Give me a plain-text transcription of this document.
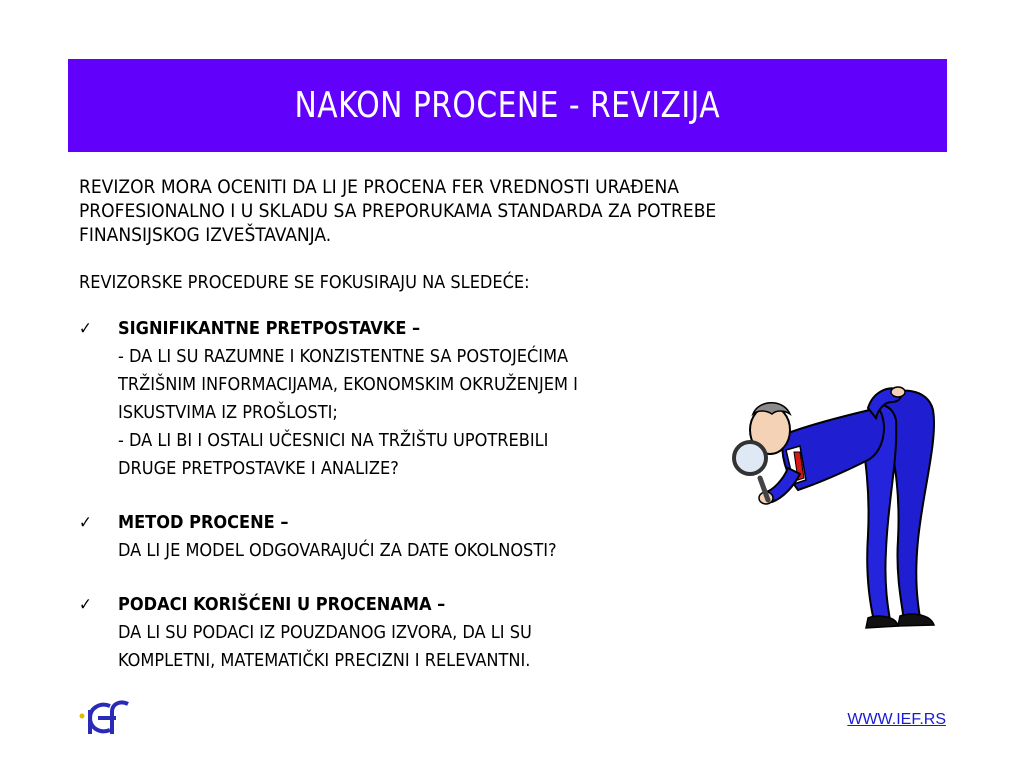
NAKON PROCENE - REVIZIJA

REVIZOR MORA OCENITI DA LI JE PROCENA FER VREDNOSTI URAĐENA

PROFESIONALNO I U SKLADU SA PREPORUKAMA STANDARDA ZA POTREBE

FINANSIJSKOG IZVEŠTAVANJA.

REVIZORSKE PROCEDURE SE FOKUSIRAJU NA SLEDEĆE:
✓ SIGNIFIKANTNE PRETPOSTAVKE –
- DA LI SU RAZUMNE I KONZISTENTNE SA POSTOJEĆIMA
TRŽIŠNIM INFORMACIJAMA, EKONOMSKIM OKRUŽENJEM I
ISKUSTVIMA IZ PROŠLOSTI;
- DA LI BI I OSTALI UČESNICI NA TRŽIŠTU UPOTREBILI
DRUGE PRETPOSTAVKE I ANALIZE?
✓ METOD PROCENE –
DA LI JE MODEL ODGOVARAJUĆI ZA DATE OKOLNOSTI?
✓ PODACI KORIŠĆENI U PROCENAMA –
DA LI SU PODACI IZ POUZDANOG IZVORA, DA LI SU
KOMPLETNI, MATEMATIČKI PRECIZNI I RELEVANTNI.
WWW.IEF.RS
